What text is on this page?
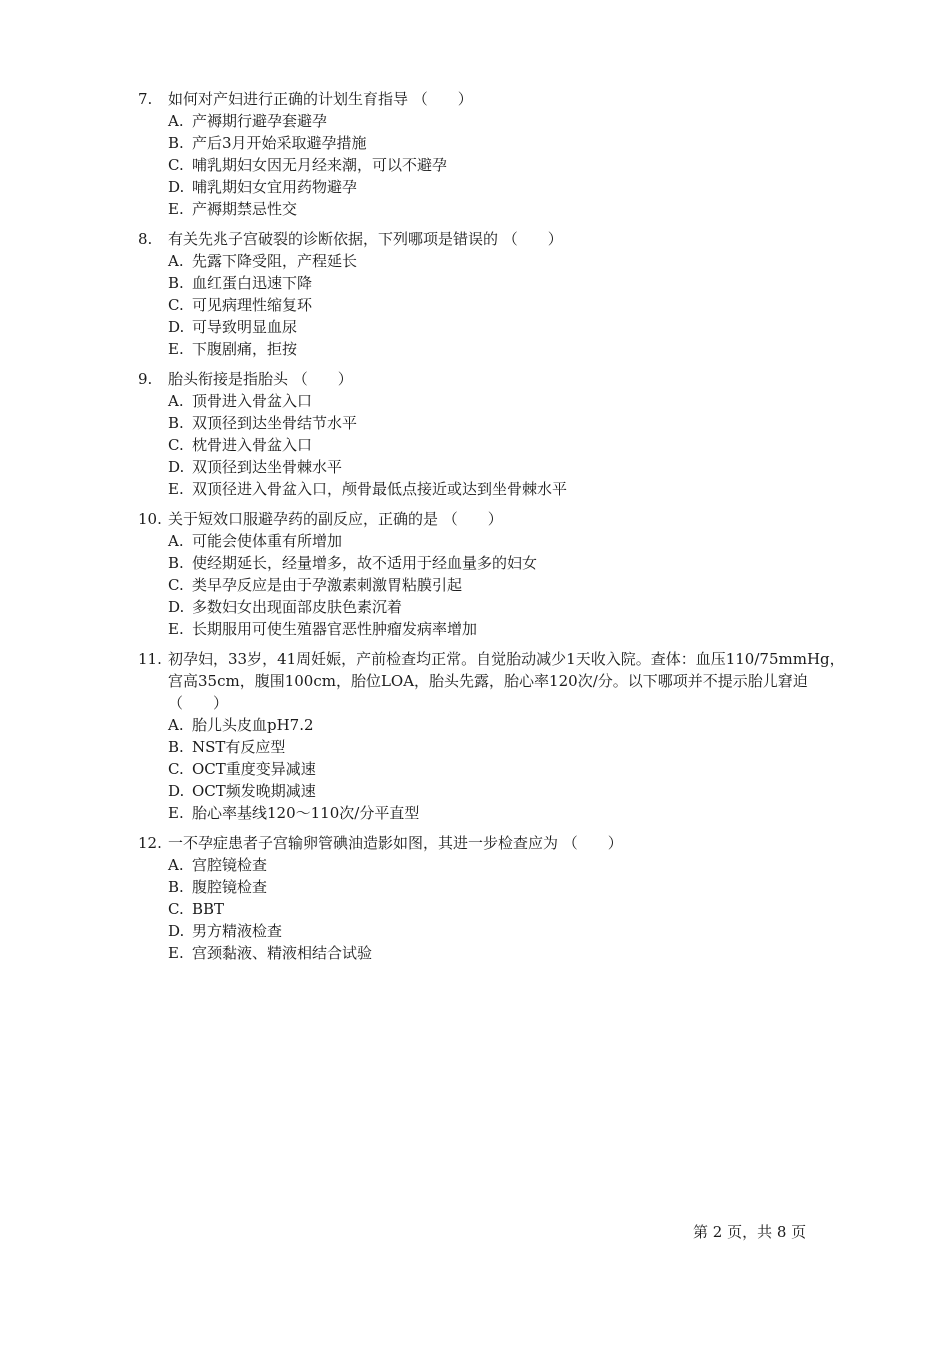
7.	如何对产妇进行正确的计划生育指导 （　　）
A. 产褥期行避孕套避孕
B. 产后3月开始采取避孕措施
C. 哺乳期妇女因无月经来潮，可以不避孕
D. 哺乳期妇女宜用药物避孕
E. 产褥期禁忌性交
8.	有关先兆子宫破裂的诊断依据，下列哪项是错误的 （　　）
A. 先露下降受阻，产程延长
B. 血红蛋白迅速下降
C. 可见病理性缩复环
D. 可导致明显血尿
E. 下腹剧痛，拒按
9.	胎头衔接是指胎头 （　　）
A. 顶骨进入骨盆入口
B. 双顶径到达坐骨结节水平
C. 枕骨进入骨盆入口
D. 双顶径到达坐骨棘水平
E. 双顶径进入骨盆入口，颅骨最低点接近或达到坐骨棘水平
10. 关于短效口服避孕药的副反应，正确的是 （　　）
A. 可能会使体重有所增加
B. 使经期延长，经量增多，故不适用于经血量多的妇女
C. 类早孕反应是由于孕激素刺激胃粘膜引起
D. 多数妇女出现面部皮肤色素沉着
E. 长期服用可使生殖器官恶性肿瘤发病率增加
11. 初孕妇，33岁，41周妊娠，产前检查均正常。自觉胎动减少1天收入院。查体：血压110/75mmHg，宫高35cm，腹围100cm，胎位LOA，胎头先露，胎心率120次/分。以下哪项并不提示胎儿窘迫 （　　）
A. 胎儿头皮血pH7.2
B. NST有反应型
C. OCT重度变异减速
D. OCT频发晚期减速
E. 胎心率基线120～110次/分平直型
12. 一不孕症患者子宫输卵管碘油造影如图，其进一步检查应为 （　　）
A. 宫腔镜检查
B. 腹腔镜检查
C. BBT
D. 男方精液检查
E. 宫颈黏液、精液相结合试验
第 2 页，共 8 页
